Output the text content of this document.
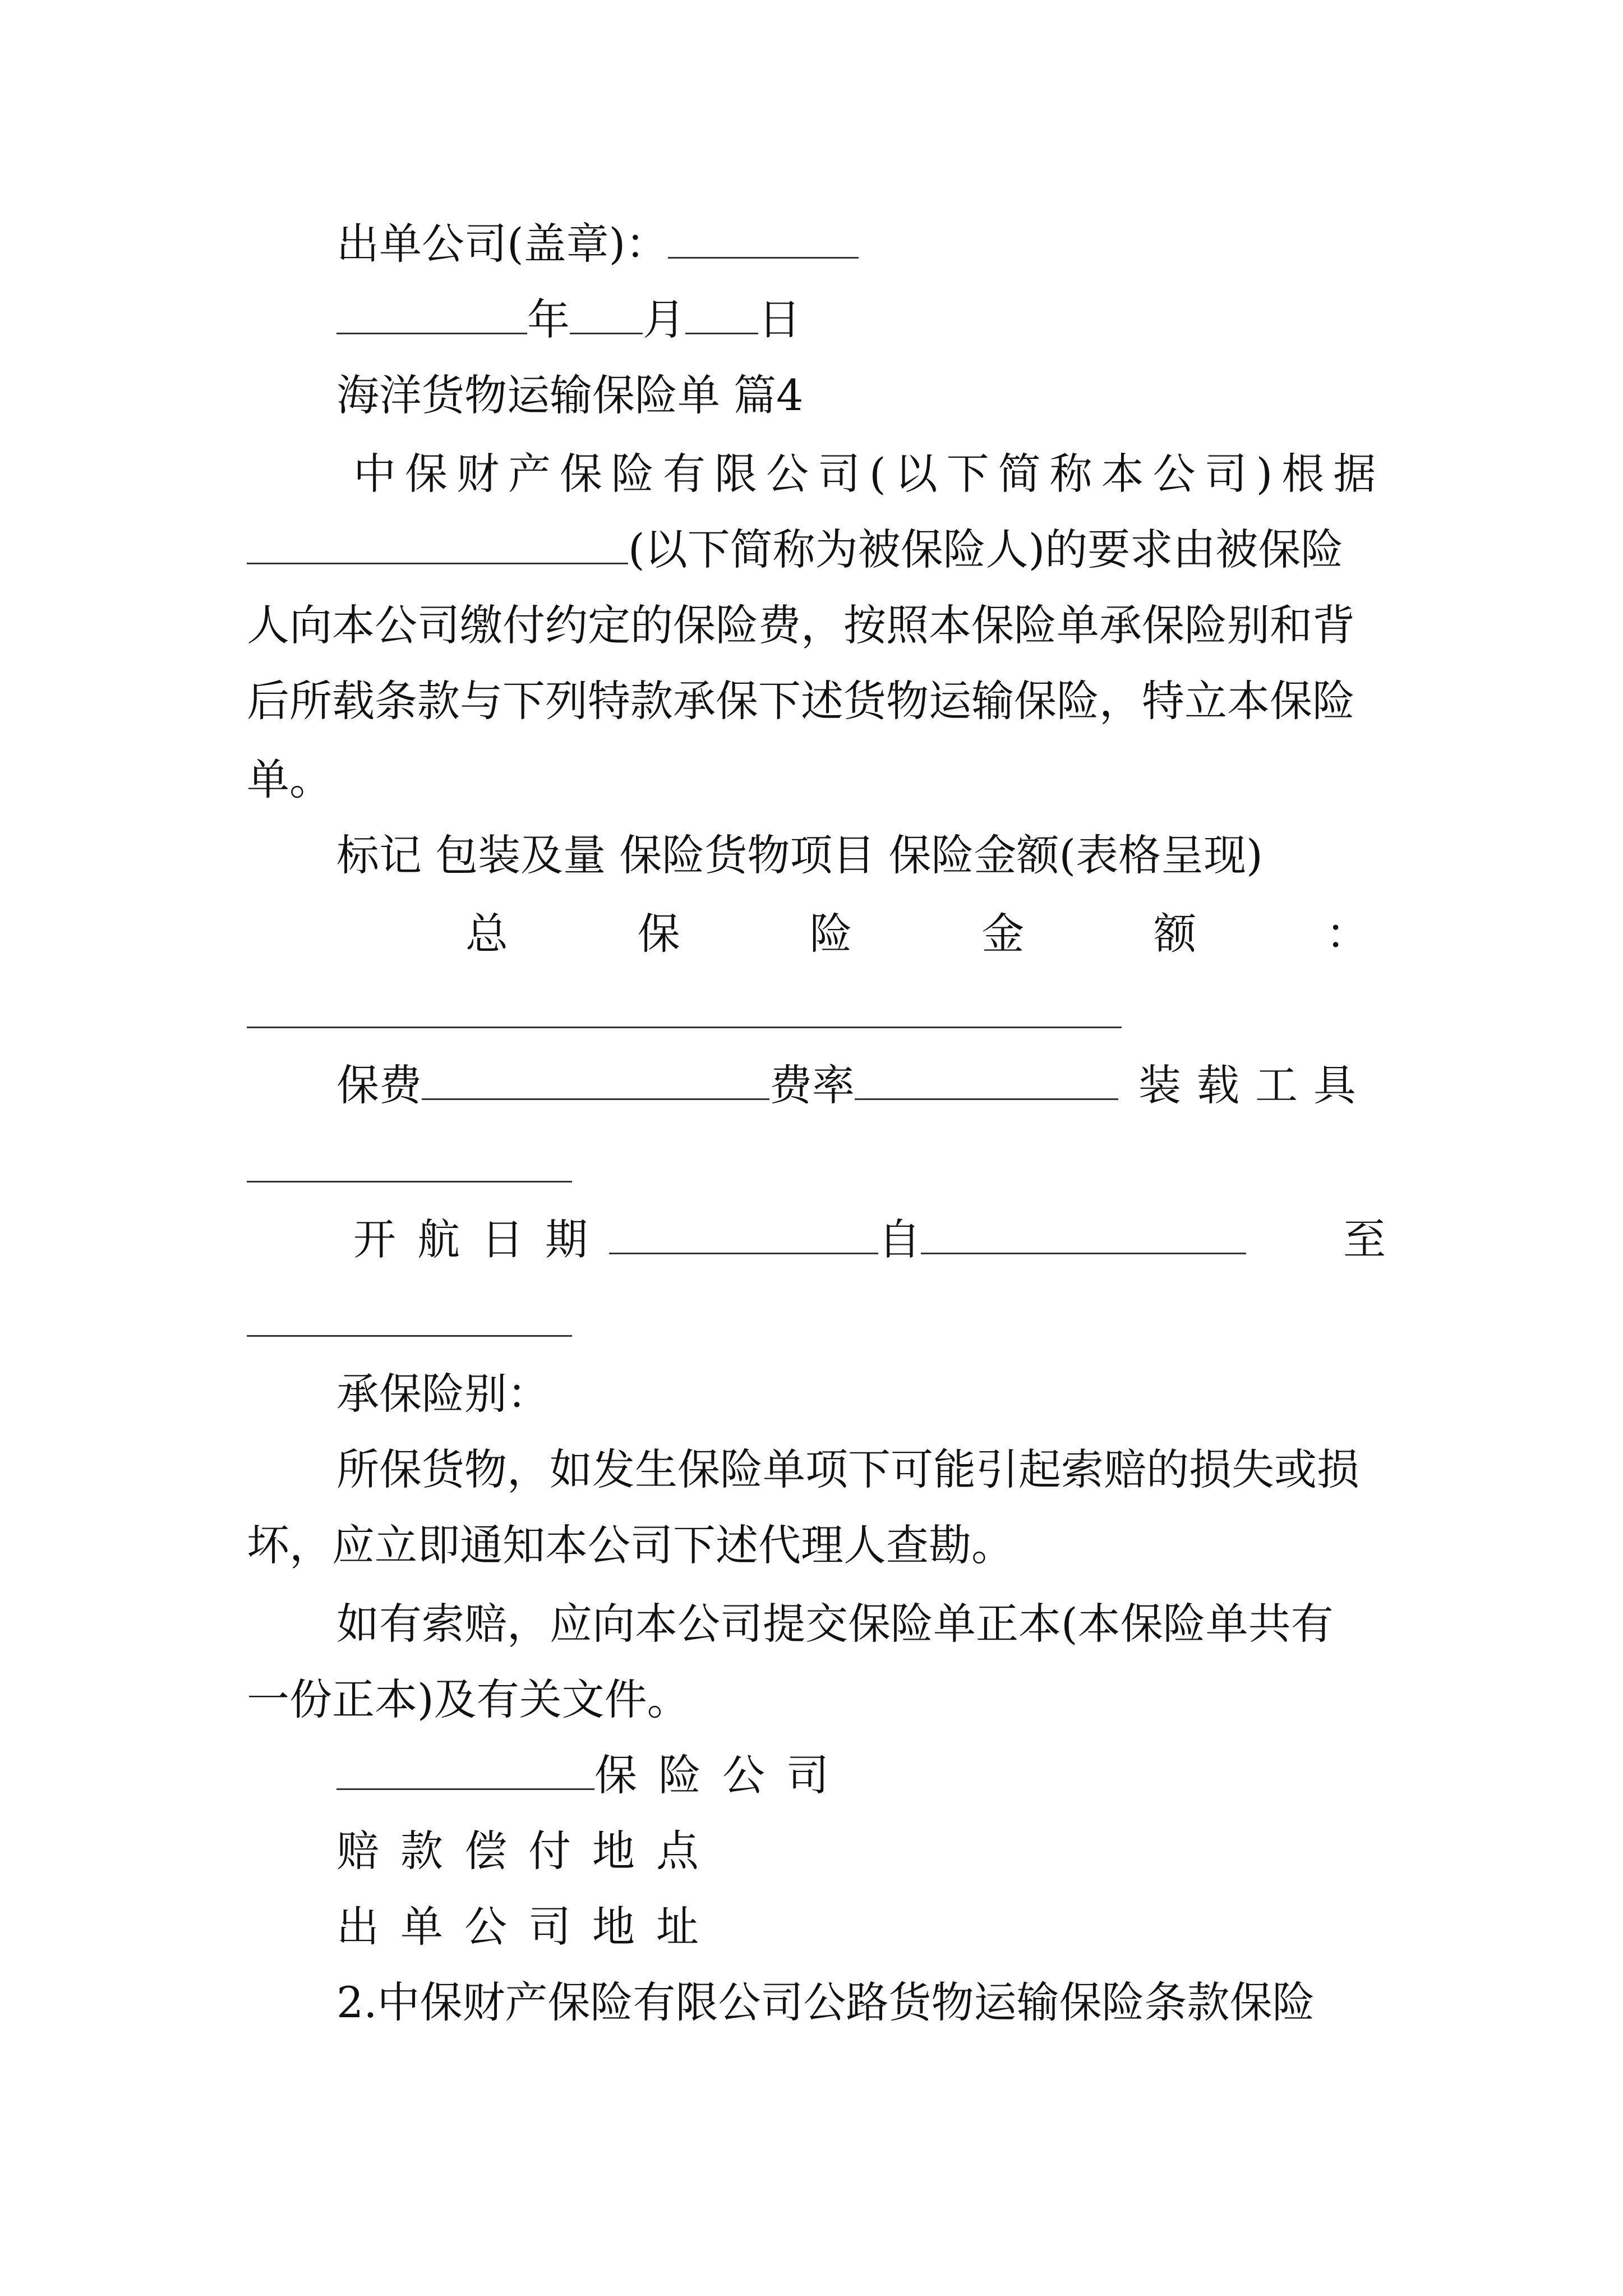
出单公司(盖章)：
年 月 日
海洋货物运输保险单 篇4
中保财产保险有限公司(以下简称本公司)根据
(以下简称为被保险人)的要求由被保险
人向本公司缴付约定的保险费，按照本保险单承保险别和背
后所载条款与下列特款承保下述货物运输保险，特立本保险
单。
标记 包装及量 保险货物项目 保险金额(表格呈现)
总	保	险	金	额	：
保费	费率	装载工具
开航日期	自	至
承保险别：
所保货物，如发生保险单项下可能引起索赔的损失或损
坏，应立即通知本公司下述代理人查勘。
如有索赔，应向本公司提交保险单正本(本保险单共有
一份正本)及有关文件。
保险公司
赔款偿付地点
出单公司地址
2.中保财产保险有限公司公路货物运输保险条款保险
